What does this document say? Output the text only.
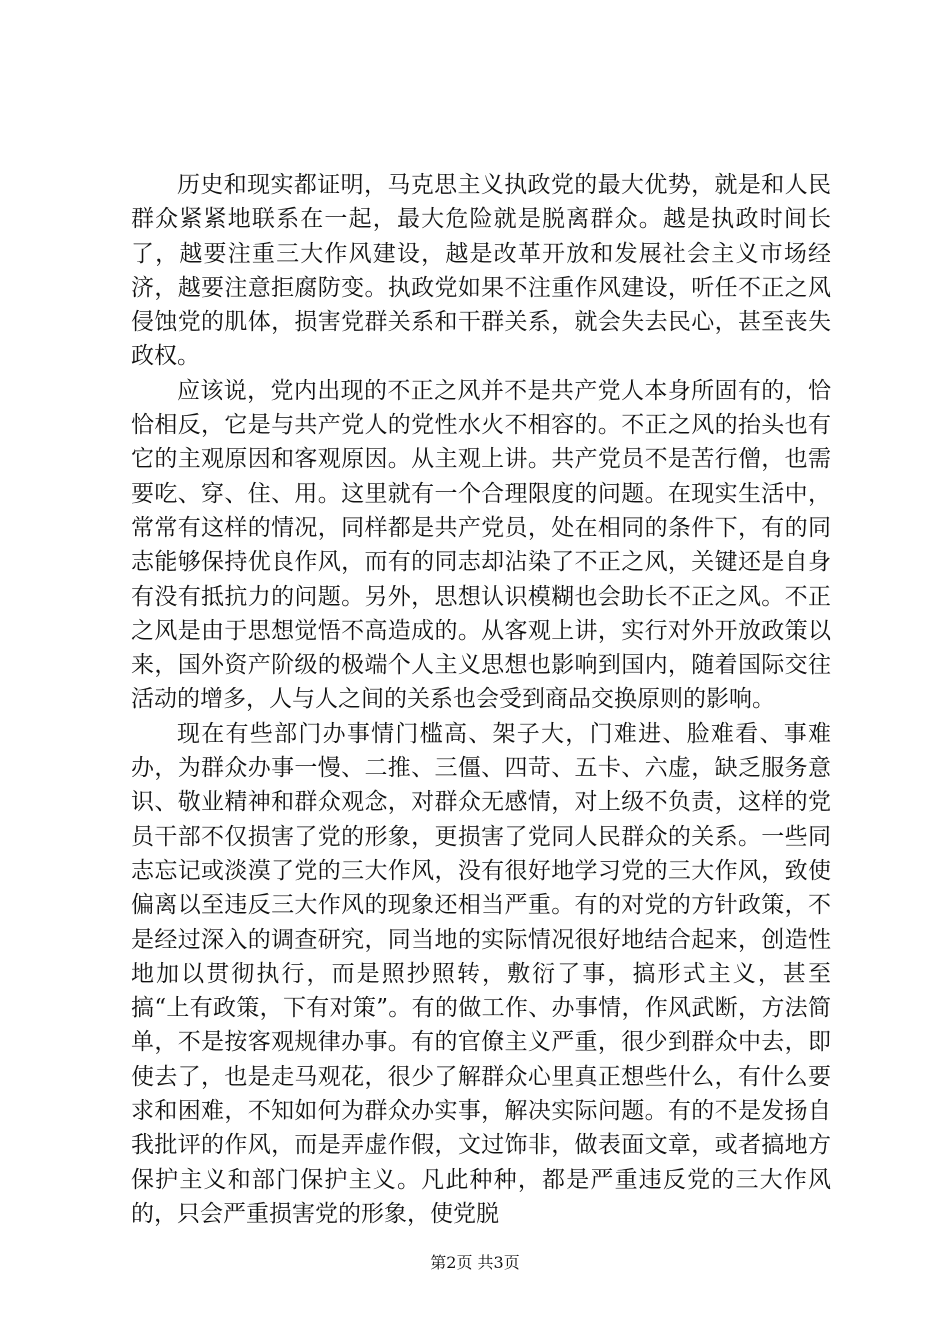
历史和现实都证明，马克思主义执政党的最大优势，就是和人民群众紧紧地联系在一起，最大危险就是脱离群众。越是执政时间长了，越要注重三大作风建设，越是改革开放和发展社会主义市场经济，越要注意拒腐防变。执政党如果不注重作风建设，听任不正之风侵蚀党的肌体，损害党群关系和干群关系，就会失去民心，甚至丧失政权。

应该说，党内出现的不正之风并不是共产党人本身所固有的，恰恰相反，它是与共产党人的党性水火不相容的。不正之风的抬头也有它的主观原因和客观原因。从主观上讲。共产党员不是苦行僧，也需要吃、穿、住、用。这里就有一个合理限度的问题。在现实生活中，常常有这样的情况，同样都是共产党员，处在相同的条件下，有的同志能够保持优良作风，而有的同志却沾染了不正之风，关键还是自身有没有抵抗力的问题。另外，思想认识模糊也会助长不正之风。不正之风是由于思想觉悟不高造成的。从客观上讲，实行对外开放政策以来，国外资产阶级的极端个人主义思想也影响到国内，随着国际交往活动的增多，人与人之间的关系也会受到商品交换原则的影响。

现在有些部门办事情门槛高、架子大，门难进、脸难看、事难办，为群众办事一慢、二推、三僵、四苛、五卡、六虚，缺乏服务意识、敬业精神和群众观念，对群众无感情，对上级不负责，这样的党员干部不仅损害了党的形象，更损害了党同人民群众的关系。一些同志忘记或淡漠了党的三大作风，没有很好地学习党的三大作风，致使偏离以至违反三大作风的现象还相当严重。有的对党的方针政策，不是经过深入的调查研究，同当地的实际情况很好地结合起来，创造性地加以贯彻执行，而是照抄照转，敷衍了事，搞形式主义，甚至搞“上有政策，下有对策”。有的做工作、办事情，作风武断，方法简单，不是按客观规律办事。有的官僚主义严重，很少到群众中去，即使去了，也是走马观花，很少了解群众心里真正想些什么，有什么要求和困难，不知如何为群众办实事，解决实际问题。有的不是发扬自我批评的作风，而是弄虚作假，文过饰非，做表面文章，或者搞地方保护主义和部门保护主义。凡此种种，都是严重违反党的三大作风的，只会严重损害党的形象，使党脱

第2页 共3页
